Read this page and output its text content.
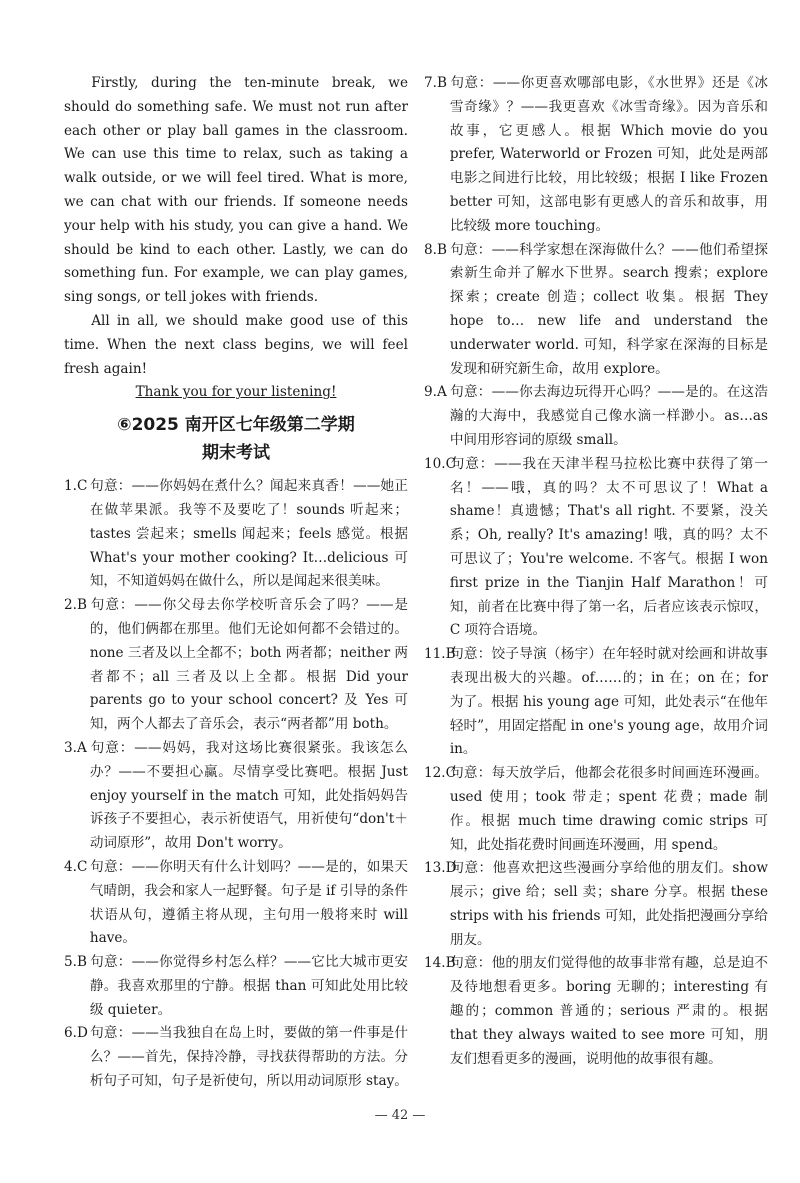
Firstly, during the ten-minute break, we should do something safe. We must not run after each other or play ball games in the classroom. We can use this time to relax, such as taking a walk outside, or we will feel tired. What is more, we can chat with our friends. If someone needs your help with his study, you can give a hand. We should be kind to each other. Lastly, we can do something fun. For example, we can play games, sing songs, or tell jokes with friends.

All in all, we should make good use of this time. When the next class begins, we will feel fresh again!

Thank you for your listening!

⑥2025 南开区七年级第二学期
期末考试

1.C 句意：——你妈妈在煮什么？闻起来真香！——她正在做苹果派。我等不及要吃了！sounds 听起来；tastes 尝起来；smells 闻起来；feels 感觉。根据 What's your mother cooking? It…delicious 可知，不知道妈妈在做什么，所以是闻起来很美味。

2.B 句意：——你父母去你学校听音乐会了吗？——是的，他们俩都在那里。他们无论如何都不会错过的。none 三者及以上全都不；both 两者都；neither 两者都不；all 三者及以上全都。根据 Did your parents go to your school concert? 及 Yes 可知，两个人都去了音乐会，表示“两者都”用 both。

3.A 句意：——妈妈，我对这场比赛很紧张。我该怎么办？——不要担心赢。尽情享受比赛吧。根据 Just enjoy yourself in the match 可知，此处指妈妈告诉孩子不要担心，表示祈使语气，用祈使句“don't＋动词原形”，故用 Don't worry。

4.C 句意：——你明天有什么计划吗？——是的，如果天气晴朗，我会和家人一起野餐。句子是 if 引导的条件状语从句，遵循主将从现，主句用一般将来时 will have。

5.B 句意：——你觉得乡村怎么样？——它比大城市更安静。我喜欢那里的宁静。根据 than 可知此处用比较级 quieter。

6.D 句意：——当我独自在岛上时，要做的第一件事是什么？——首先，保持冷静，寻找获得帮助的方法。分析句子可知，句子是祈使句，所以用动词原形 stay。

7.B 句意：——你更喜欢哪部电影，《水世界》还是《冰雪奇缘》？——我更喜欢《冰雪奇缘》。因为音乐和故事，它更感人。根据 Which movie do you prefer, Waterworld or Frozen 可知，此处是两部电影之间进行比较，用比较级；根据 I like Frozen better 可知，这部电影有更感人的音乐和故事，用比较级 more touching。

8.B 句意：——科学家想在深海做什么？——他们希望探索新生命并了解水下世界。search 搜索；explore 探索；create 创造；collect 收集。根据 They hope to… new life and understand the underwater world. 可知，科学家在深海的目标是发现和研究新生命，故用 explore。

9.A 句意：——你去海边玩得开心吗？——是的。在这浩瀚的大海中，我感觉自己像水滴一样渺小。as…as 中间用形容词的原级 small。

10.C句意：——我在天津半程马拉松比赛中获得了第一名！——哦，真的吗？太不可思议了！What a shame！真遗憾；That's all right. 不要紧，没关系；Oh, really? It's amazing! 哦，真的吗？太不可思议了；You're welcome. 不客气。根据 I won first prize in the Tianjin Half Marathon！可知，前者在比赛中得了第一名，后者应该表示惊叹，C 项符合语境。

11.B句意：饺子导演（杨宇）在年轻时就对绘画和讲故事表现出极大的兴趣。of……的；in 在；on 在；for 为了。根据 his young age 可知，此处表示“在他年轻时”，用固定搭配 in one's young age，故用介词 in。

12.C句意：每天放学后，他都会花很多时间画连环漫画。used 使用；took 带走；spent 花费；made 制作。根据 much time drawing comic strips 可知，此处指花费时间画连环漫画，用 spend。

13.D句意：他喜欢把这些漫画分享给他的朋友们。show 展示；give 给；sell 卖；share 分享。根据 these strips with his friends 可知，此处指把漫画分享给朋友。

14.B句意：他的朋友们觉得他的故事非常有趣，总是迫不及待地想看更多。boring 无聊的；interesting 有趣的；common 普通的；serious 严肃的。根据 that they always waited to see more 可知，朋友们想看更多的漫画，说明他的故事很有趣。

— 42 —
